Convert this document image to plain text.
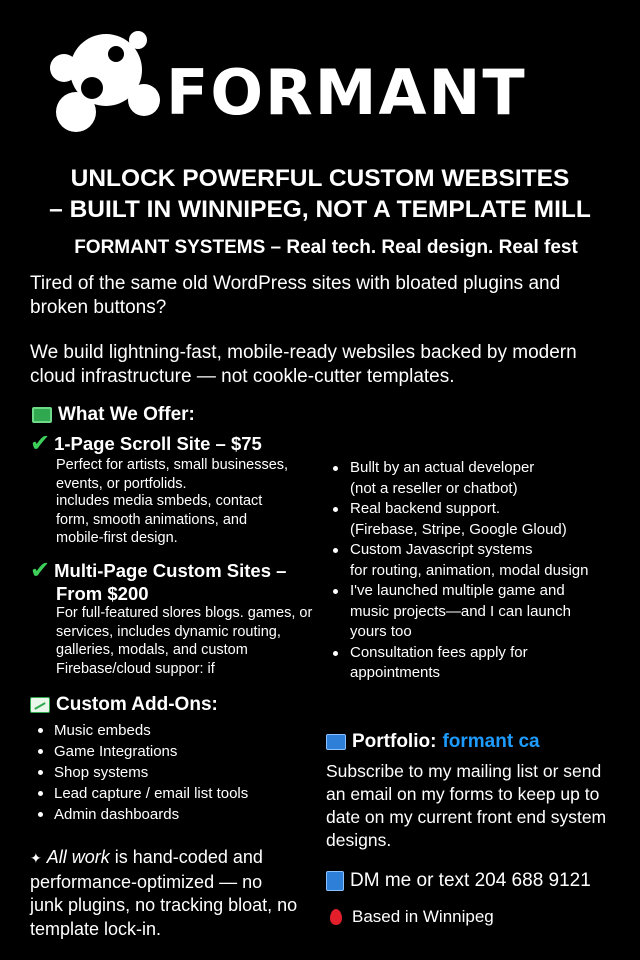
FORMANT
UNLOCK POWERFUL CUSTOM WEBSITES
– BUILT IN WINNIPEG, NOT A TEMPLATE MILL
FORMANT SYSTEMS – Real tech. Real design. Real fest
Tired of the same old WordPress sites with bloated plugins and broken buttons?
We build lightning-fast, mobile-ready websiles backed by modern cloud infrastructure — not cookle-cutter templates.
What We Offer:
✔ 1-Page Scroll Site – $75
Perfect for artists, small businesses, events, or portfolids.
includes media smbeds, contact form, smooth animations, and mobile-first design.
✔ Multi-Page Custom Sites –
From $200
For full-featured slores blogs. games, or services, includes dynamic routing, galleries, modals, and custom Firebase/cloud suppor: if
Bullt by an actual developer
(not a reseller or chatbot)
Real backend support.
(Firebase, Stripe, Google Gloud)
Custom Javascript systems
for routing, animation, modal dusign
I've launched multiple game and
music projects—and I can launch
yours too
Consultation fees apply for
appointments
Custom Add-Ons:
Music embeds
Game Integrations
Shop systems
Lead capture / email list tools
Admin dashboards
✦ All work is hand-coded and performance-optimized — no junk plugins, no tracking bloat, no template lock-in.
Portfolio: formant ca
Subscribe to my mailing list or send an email on my forms to keep up to date on my current front end system designs.
DM me or text 204 688 9121
Based in Winnipeg
